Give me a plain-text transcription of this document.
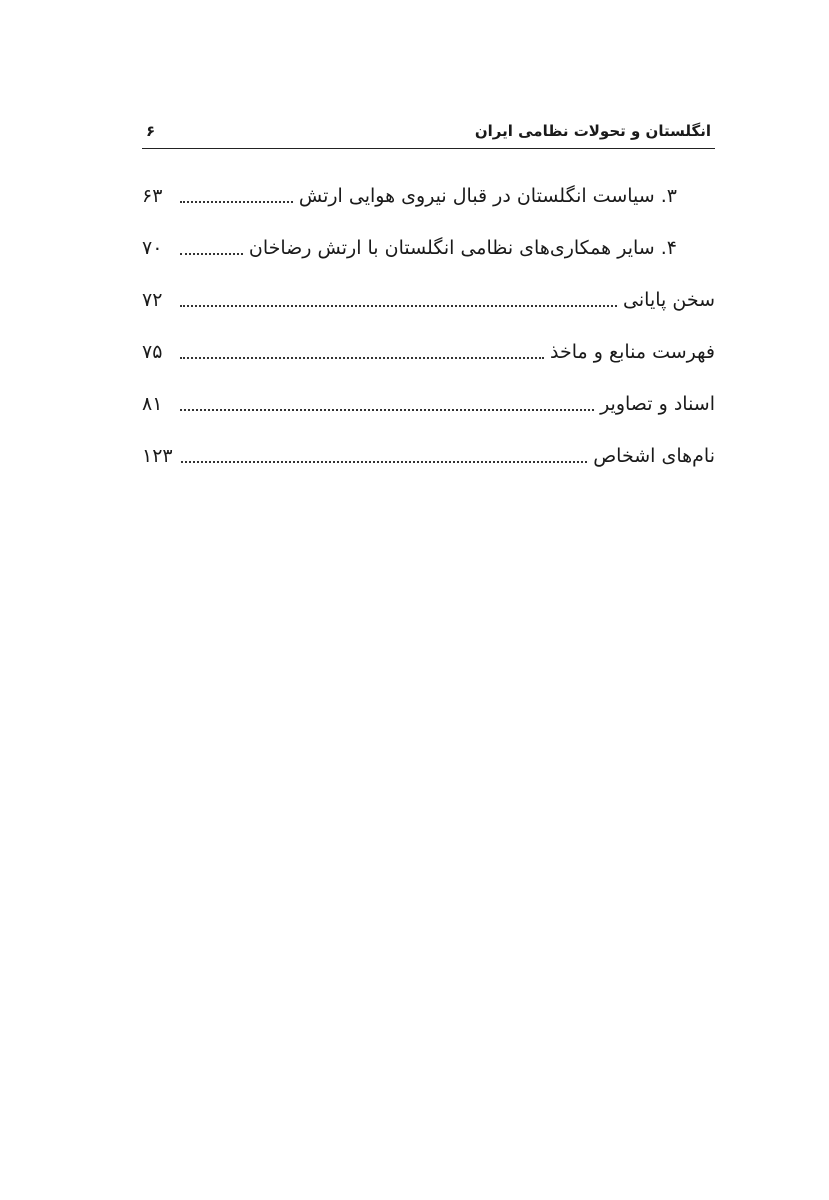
انگلستان و تحولات نظامی ایران
۶
۳. سیاست انگلستان در قبال نیروی هوایی ارتش
۶۳
۴. سایر همکاری‌های نظامی انگلستان با ارتش رضاخان
۷۰
سخن پایانی
۷۲
فهرست منابع و ماخذ
۷۵
اسناد و تصاویر
۸۱
نام‌های اشخاص
۱۲۳
